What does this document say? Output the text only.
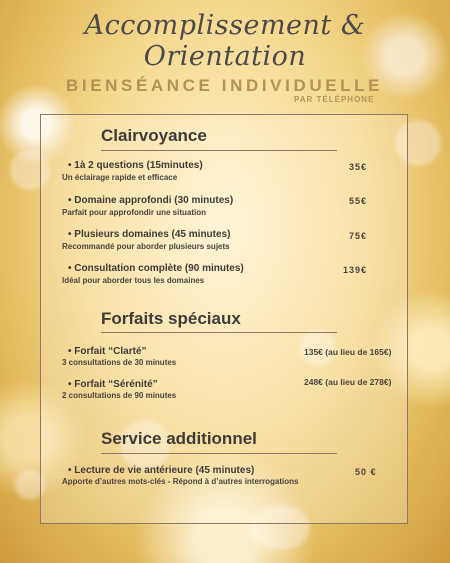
Accomplissement & Orientation
BIENSÉANCE INDIVIDUELLE
PAR TÉLÉPHONE
Clairvoyance
• 1à 2 questions (15minutes)
Un éclairage rapide et efficace
35€
• Domaine approfondi (30 minutes)
Parfait pour approfondir une situation
55€
• Plusieurs domaines (45 minutes)
Recommandé pour aborder plusieurs sujets
75€
• Consultation complète (90 minutes)
Idéal pour aborder tous les domaines
139€
Forfaits spéciaux
• Forfait “Clarté”
3 consultations de 30 minutes
135€ (au lieu de 165€)
• Forfait “Sérénité”
2 consultations de 90 minutes
248€ (au lieu de 278€)
Service additionnel
• Lecture de vie antérieure (45 minutes)
Apporte d’autres mots-clés - Répond à d’autres interrogations
50 €
